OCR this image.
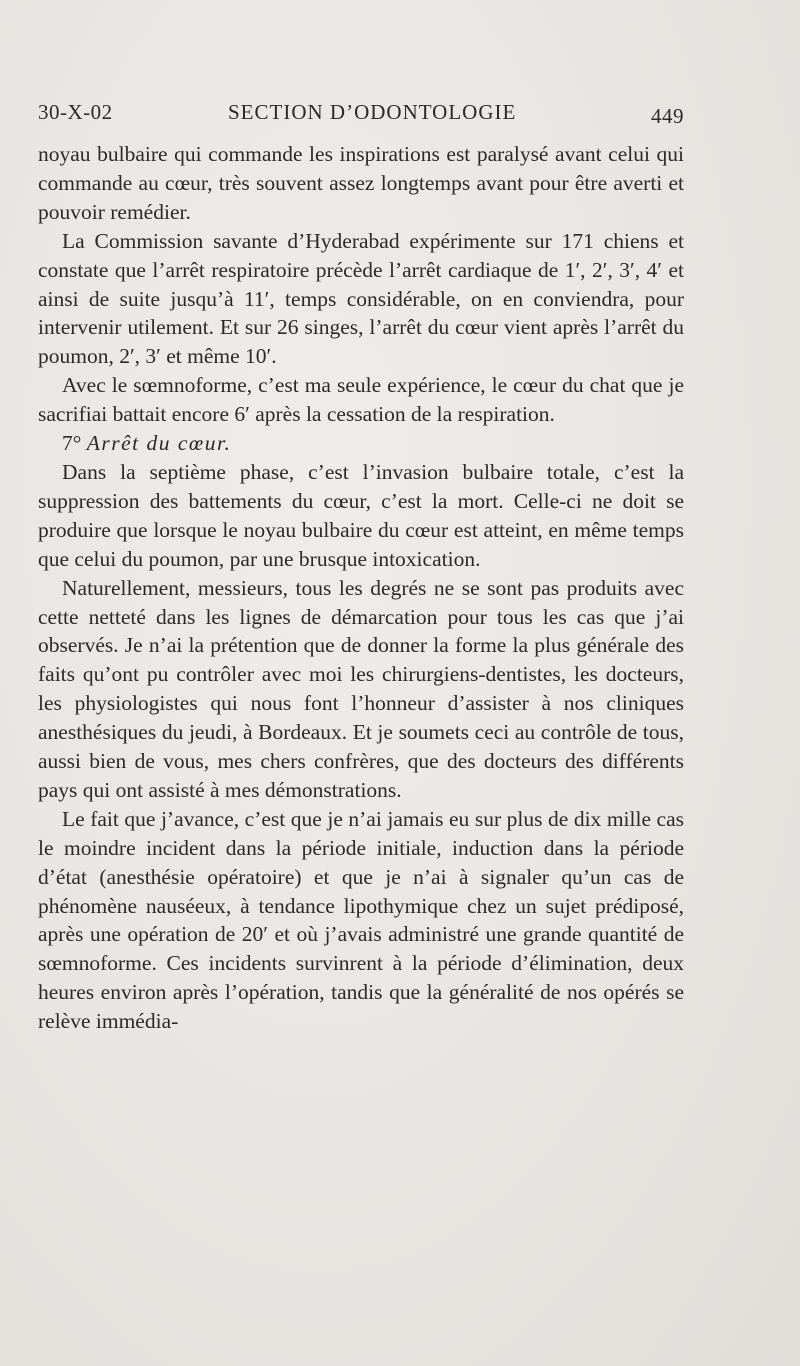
30-X-02	SECTION D’ODONTOLOGIE	449

noyau bulbaire qui commande les inspirations est paralysé avant celui qui commande au cœur, très souvent assez longtemps avant pour être averti et pouvoir remédier.

La Commission savante d’Hyderabad expérimente sur 171 chiens et constate que l’arrêt respiratoire précède l’arrêt cardiaque de 1′, 2′, 3′, 4′ et ainsi de suite jusqu’à 11′, temps considérable, on en conviendra, pour intervenir utilement. Et sur 26 singes, l’arrêt du cœur vient après l’arrêt du poumon, 2′, 3′ et même 10′.

Avec le sœmnoforme, c’est ma seule expérience, le cœur du chat que je sacrifiai battait encore 6′ après la cessation de la respiration.

7° Arrêt du cœur.

Dans la septième phase, c’est l’invasion bulbaire totale, c’est la suppression des battements du cœur, c’est la mort. Celle-ci ne doit se produire que lorsque le noyau bulbaire du cœur est atteint, en même temps que celui du poumon, par une brusque intoxication.

Naturellement, messieurs, tous les degrés ne se sont pas produits avec cette netteté dans les lignes de démarcation pour tous les cas que j’ai observés. Je n’ai la prétention que de donner la forme la plus générale des faits qu’ont pu contrôler avec moi les chirurgiens-dentistes, les docteurs, les physiologistes qui nous font l’honneur d’assister à nos cliniques anesthésiques du jeudi, à Bordeaux. Et je soumets ceci au contrôle de tous, aussi bien de vous, mes chers confrères, que des docteurs des différents pays qui ont assisté à mes démonstrations.

Le fait que j’avance, c’est que je n’ai jamais eu sur plus de dix mille cas le moindre incident dans la période initiale, induction dans la période d’état (anesthésie opératoire) et que je n’ai à signaler qu’un cas de phénomène nauséeux, à tendance lipothymique chez un sujet prédiposé, après une opération de 20′ et où j’avais administré une grande quantité de sœmnoforme. Ces incidents survinrent à la période d’élimination, deux heures environ après l’opération, tandis que la généralité de nos opérés se relève immédia-
